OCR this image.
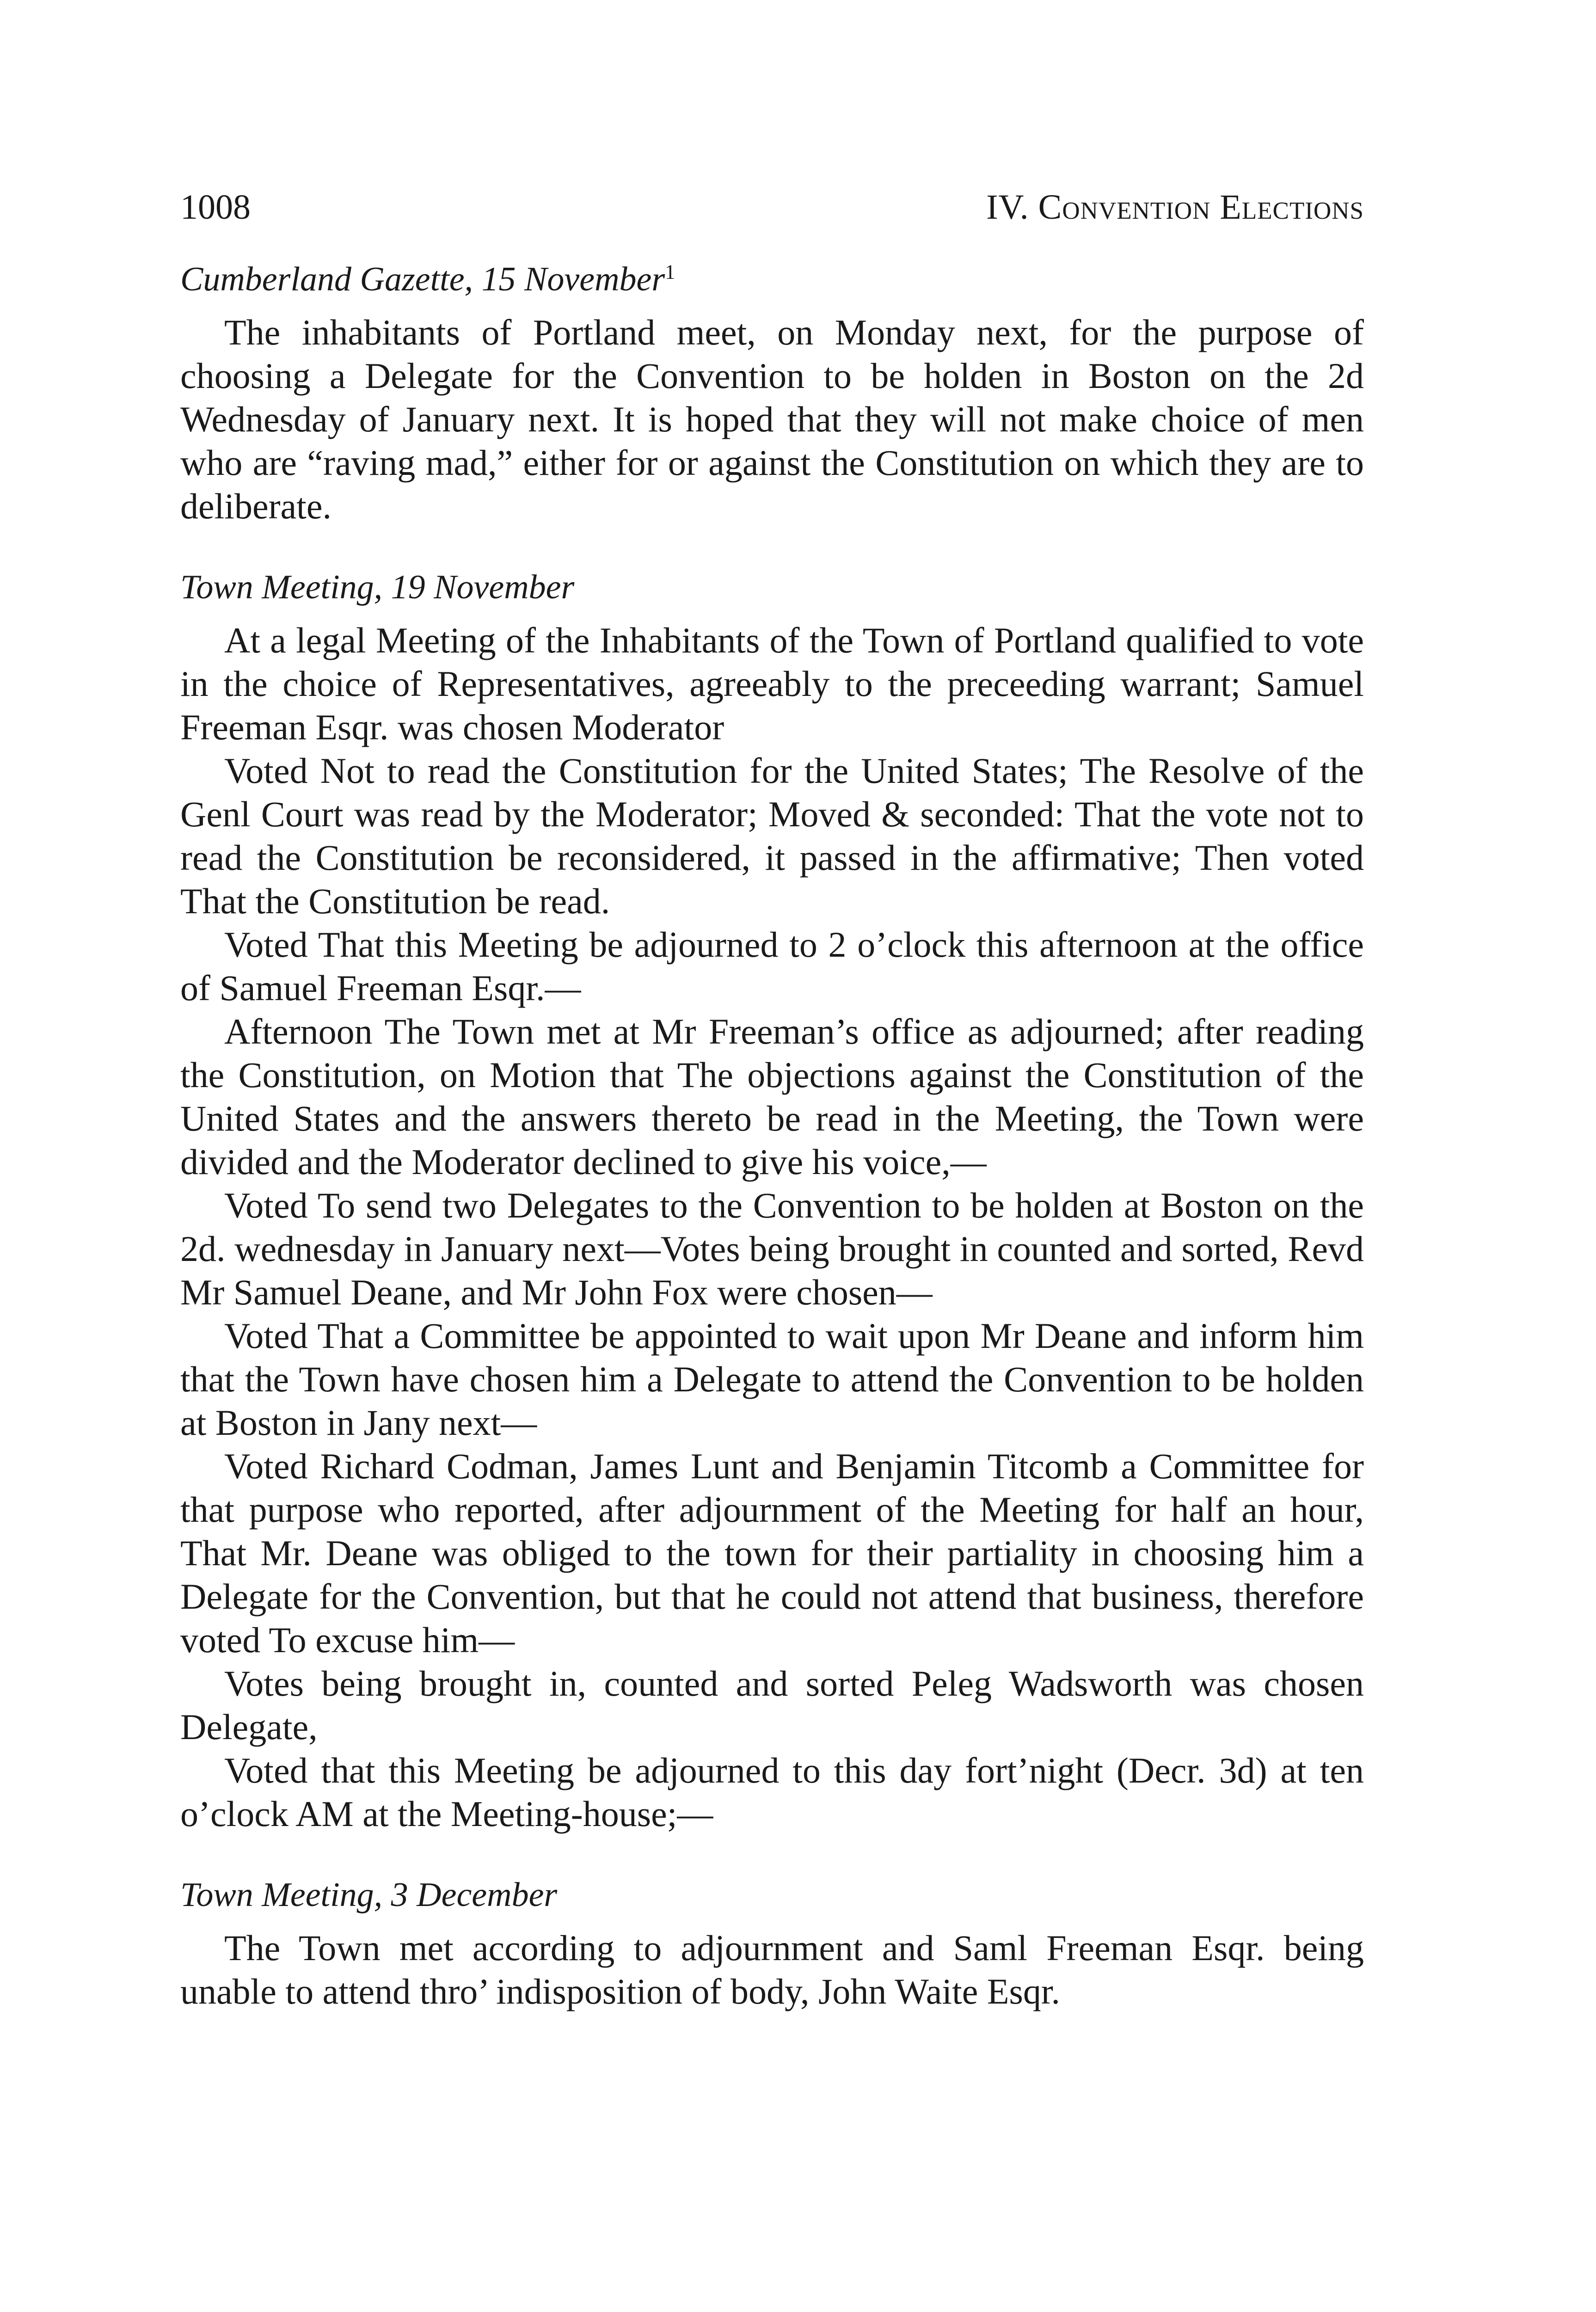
1008	IV. Convention Elections
Cumberland Gazette, 15 November$^1$

The inhabitants of Portland meet, on Monday next, for the purpose of choosing a Delegate for the Convention to be holden in Boston on the 2d Wednesday of January next. It is hoped that they will not make choice of men who are “raving mad,” either for or against the Constitution on which they are to deliberate.

Town Meeting, 19 November

At a legal Meeting of the Inhabitants of the Town of Portland qualified to vote in the choice of Representatives, agreeably to the preceeding warrant; Samuel Freeman Esqr. was chosen Moderator

Voted Not to read the Constitution for the United States; The Resolve of the Genl Court was read by the Moderator; Moved & seconded: That the vote not to read the Constitution be reconsidered, it passed in the affirmative; Then voted That the Constitution be read.

Voted That this Meeting be adjourned to 2 o’clock this afternoon at the office of Samuel Freeman Esqr.—

Afternoon The Town met at Mr Freeman’s office as adjourned; after reading the Constitution, on Motion that The objections against the Constitution of the United States and the answers thereto be read in the Meeting, the Town were divided and the Moderator declined to give his voice,—

Voted To send two Delegates to the Convention to be holden at Boston on the 2d. wednesday in January next—Votes being brought in counted and sorted, Revd Mr Samuel Deane, and Mr John Fox were chosen—

Voted That a Committee be appointed to wait upon Mr Deane and inform him that the Town have chosen him a Delegate to attend the Convention to be holden at Boston in Jany next—

Voted Richard Codman, James Lunt and Benjamin Titcomb a Committee for that purpose who reported, after adjournment of the Meeting for half an hour, That Mr. Deane was obliged to the town for their partiality in choosing him a Delegate for the Convention, but that he could not attend that business, therefore voted To excuse him—

Votes being brought in, counted and sorted Peleg Wadsworth was chosen Delegate,

Voted that this Meeting be adjourned to this day fort’night (Decr. 3d) at ten o’clock AM at the Meeting-house;—

Town Meeting, 3 December

The Town met according to adjournment and Saml Freeman Esqr. being unable to attend thro’ indisposition of body, John Waite Esqr.
